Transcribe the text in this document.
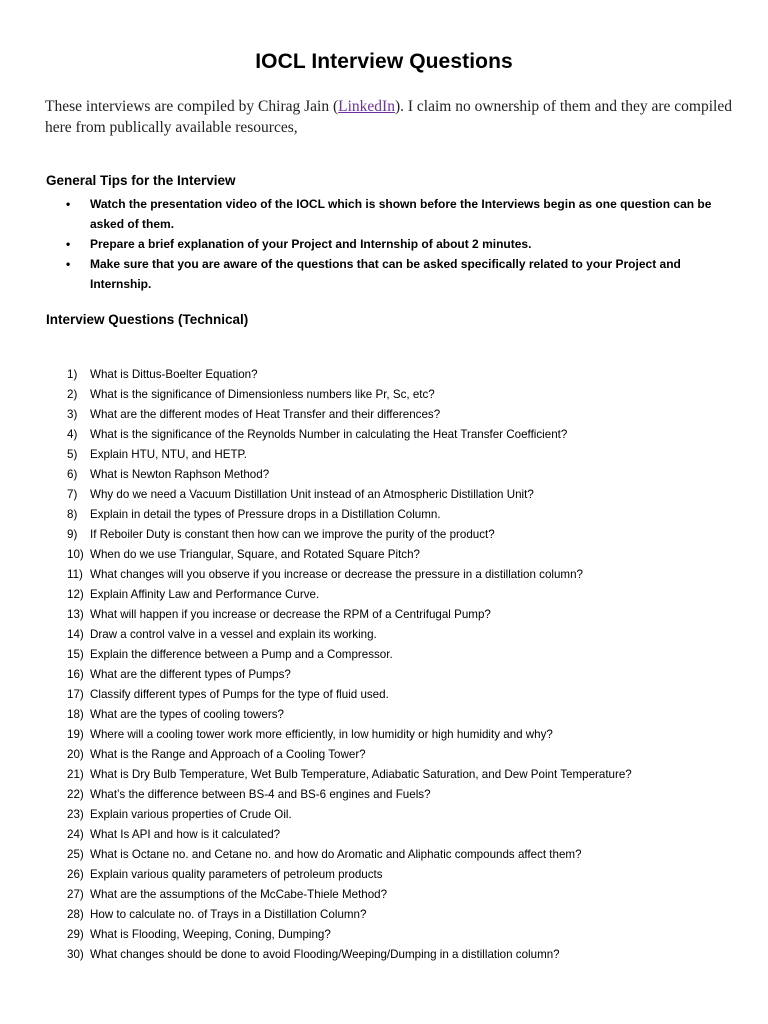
IOCL Interview Questions
These interviews are compiled by Chirag Jain (LinkedIn). I claim no ownership of them and they are compiled here from publically available resources,
General Tips for the Interview
• Watch the presentation video of the IOCL which is shown before the Interviews begin as one question can be asked of them.
• Prepare a brief explanation of your Project and Internship of about 2 minutes.
• Make sure that you are aware of the questions that can be asked specifically related to your Project and Internship.
Interview Questions (Technical)
1) What is Dittus-Boelter Equation?
2) What is the significance of Dimensionless numbers like Pr, Sc, etc?
3) What are the different modes of Heat Transfer and their differences?
4) What is the significance of the Reynolds Number in calculating the Heat Transfer Coefficient?
5) Explain HTU, NTU, and HETP.
6) What is Newton Raphson Method?
7) Why do we need a Vacuum Distillation Unit instead of an Atmospheric Distillation Unit?
8) Explain in detail the types of Pressure drops in a Distillation Column.
9) If Reboiler Duty is constant then how can we improve the purity of the product?
10) When do we use Triangular, Square, and Rotated Square Pitch?
11) What changes will you observe if you increase or decrease the pressure in a distillation column?
12) Explain Affinity Law and Performance Curve.
13) What will happen if you increase or decrease the RPM of a Centrifugal Pump?
14) Draw a control valve in a vessel and explain its working.
15) Explain the difference between a Pump and a Compressor.
16) What are the different types of Pumps?
17) Classify different types of Pumps for the type of fluid used.
18) What are the types of cooling towers?
19) Where will a cooling tower work more efficiently, in low humidity or high humidity and why?
20) What is the Range and Approach of a Cooling Tower?
21) What is Dry Bulb Temperature, Wet Bulb Temperature, Adiabatic Saturation, and Dew Point Temperature?
22) What’s the difference between BS-4 and BS-6 engines and Fuels?
23) Explain various properties of Crude Oil.
24) What Is API and how is it calculated?
25) What is Octane no. and Cetane no. and how do Aromatic and Aliphatic compounds affect them?
26) Explain various quality parameters of petroleum products
27) What are the assumptions of the McCabe-Thiele Method?
28) How to calculate no. of Trays in a Distillation Column?
29) What is Flooding, Weeping, Coning, Dumping?
30) What changes should be done to avoid Flooding/Weeping/Dumping in a distillation column?
